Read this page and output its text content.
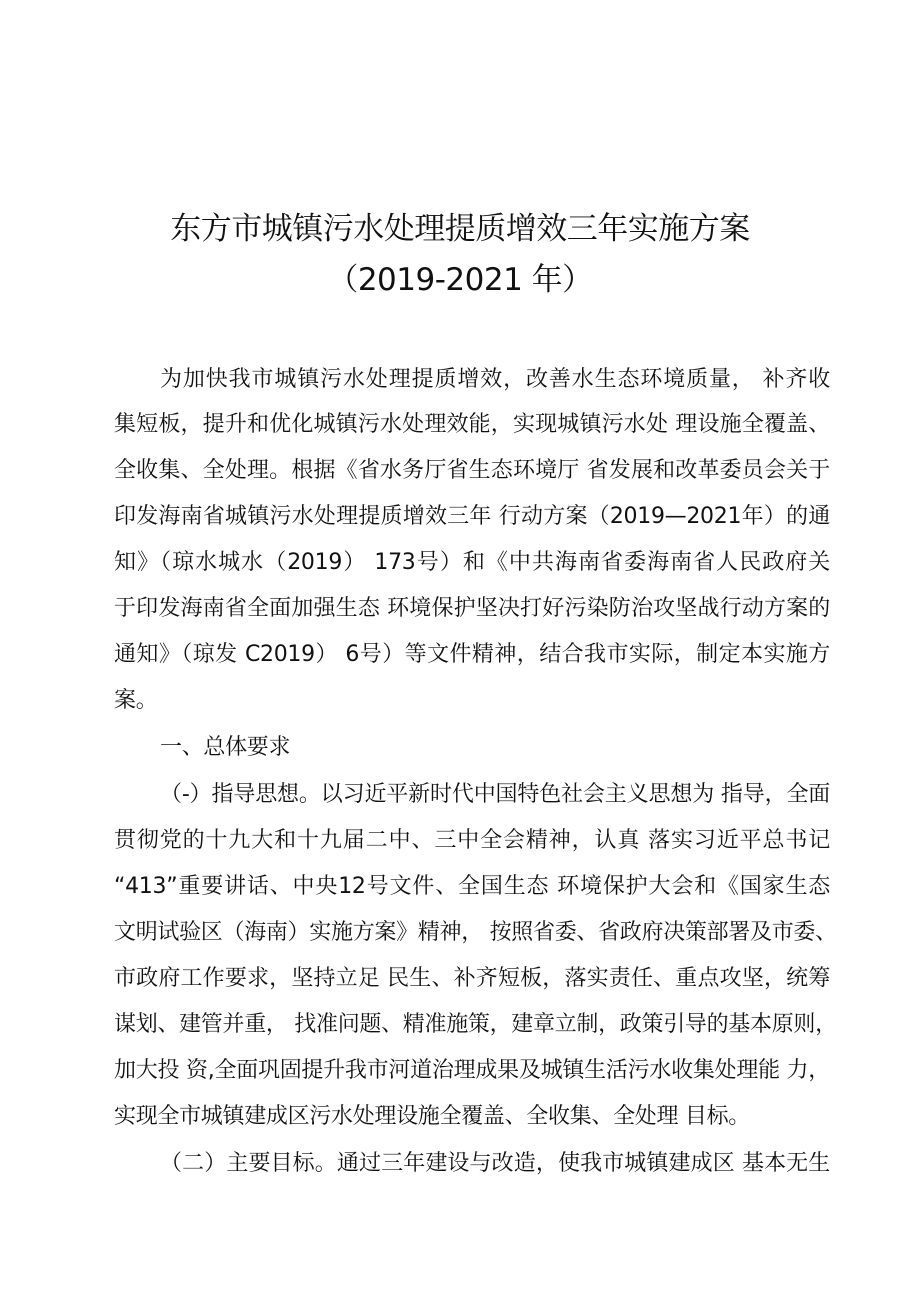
东方市城镇污水处理提质增效三年实施方案
（2019-2021 年）
为加快我市城镇污水处理提质增效，改善水生态环境质量， 补齐收
集短板，提升和优化城镇污水处理效能，实现城镇污水处 理设施全覆盖、
全收集、全处理。根据《省水务厅省生态环境厅 省发展和改革委员会关于
印发海南省城镇污水处理提质增效三年 行动方案（2019—2021年）的通
知》（琼水城水（2019） 173号）和《中共海南省委海南省人民政府关
于印发海南省全面加强生态 环境保护坚决打好污染防治攻坚战行动方案的
通知》（琼发 C2019） 6号）等文件精神，结合我市实际，制定本实施方
案。
一、总体要求
（-）指导思想。以习近平新时代中国特色社会主义思想为 指导，全面
贯彻党的十九大和十九届二中、三中全会精神，认真 落实习近平总书记
“413”重要讲话、中央12号文件、全国生态 环境保护大会和《国家生态
文明试验区（海南）实施方案》精神， 按照省委、省政府决策部署及市委、
市政府工作要求，坚持立足 民生、补齐短板，落实责任、重点攻坚，统筹
谋划、建管并重， 找准问题、精准施策，建章立制，政策引导的基本原则，
加大投 资,全面巩固提升我市河道治理成果及城镇生活污水收集处理能 力，
实现全市城镇建成区污水处理设施全覆盖、全收集、全处理 目标。
（二）主要目标。通过三年建设与改造，使我市城镇建成区 基本无生
